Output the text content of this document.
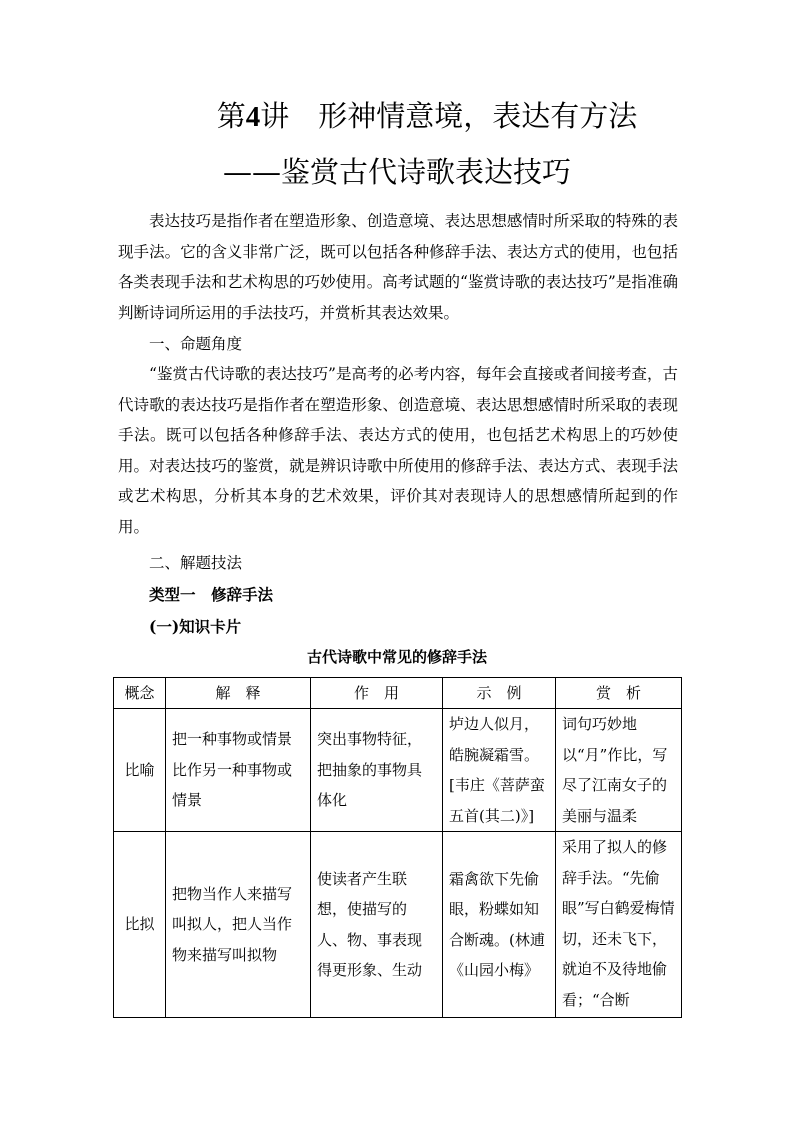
第4讲　形神情意境，表达有方法
——鉴赏古代诗歌表达技巧
表达技巧是指作者在塑造形象、创造意境、表达思想感情时所采取的特殊的表现手法。它的含义非常广泛，既可以包括各种修辞手法、表达方式的使用，也包括各类表现手法和艺术构思的巧妙使用。高考试题的“鉴赏诗歌的表达技巧”是指准确判断诗词所运用的手法技巧，并赏析其表达效果。
一、命题角度
“鉴赏古代诗歌的表达技巧”是高考的必考内容，每年会直接或者间接考查，古代诗歌的表达技巧是指作者在塑造形象、创造意境、表达思想感情时所采取的表现手法。既可以包括各种修辞手法、表达方式的使用，也包括艺术构思上的巧妙使用。对表达技巧的鉴赏，就是辨识诗歌中所使用的修辞手法、表达方式、表现手法或艺术构思，分析其本身的艺术效果，评价其对表现诗人的思想感情所起到的作用。
二、解题技法
类型一　修辞手法
(一)知识卡片
古代诗歌中常见的修辞手法
概念	解　释	作　用	示　例	赏　析
比喻	把一种事物或情景比作另一种事物或情景	突出事物特征，把抽象的事物具体化	垆边人似月，皓腕凝霜雪。[韦庄《菩萨蛮五首(其二)》]	词句巧妙地以“月”作比，写尽了江南女子的美丽与温柔
比拟	把物当作人来描写叫拟人，把人当作物来描写叫拟物	使读者产生联想，使描写的人、物、事表现得更形象、生动	霜禽欲下先偷眼，粉蝶如知合断魂。(林逋《山园小梅》	采用了拟人的修辞手法。“先偷眼”写白鹤爱梅情切，还未飞下，就迫不及待地偷看；“合断
